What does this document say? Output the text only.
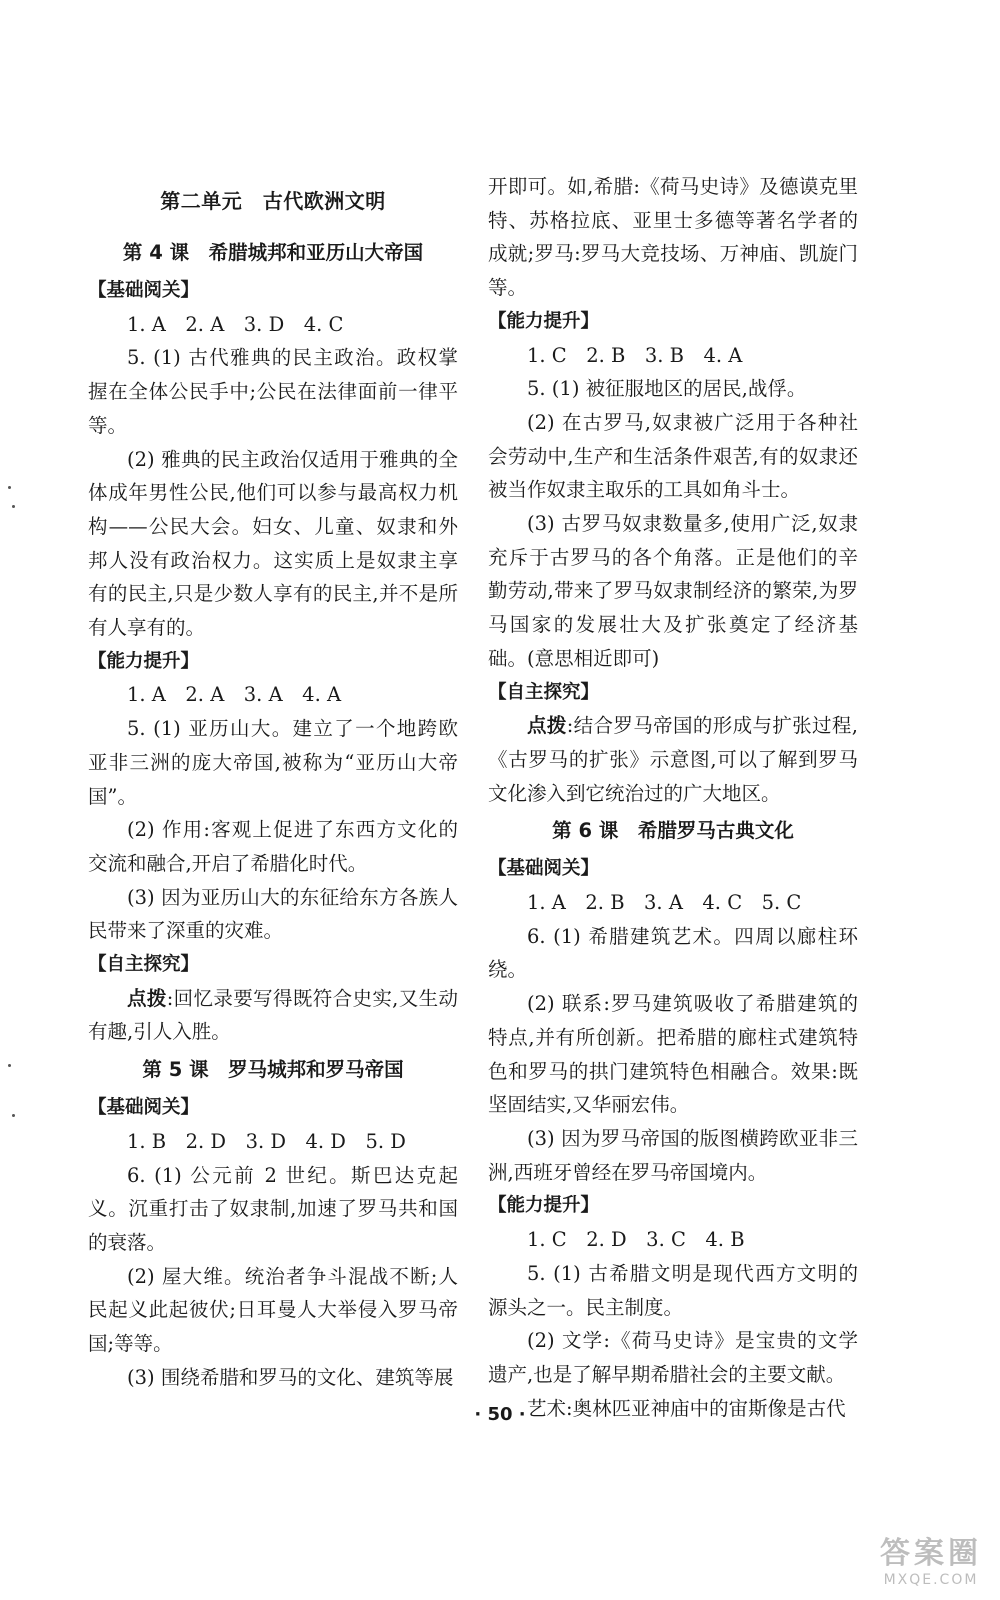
第二单元　古代欧洲文明
第 4 课　希腊城邦和亚历山大帝国

【基础阅关】

1. A　2. A　3. D　4. C

5. (1) 古代雅典的民主政治。政权掌握在全体公民手中;公民在法律面前一律平等。

(2) 雅典的民主政治仅适用于雅典的全体成年男性公民,他们可以参与最高权力机构——公民大会。妇女、儿童、奴隶和外邦人没有政治权力。这实质上是奴隶主享有的民主,只是少数人享有的民主,并不是所有人享有的。

【能力提升】

1. A　2. A　3. A　4. A

5. (1) 亚历山大。建立了一个地跨欧亚非三洲的庞大帝国,被称为“亚历山大帝国”。

(2) 作用:客观上促进了东西方文化的交流和融合,开启了希腊化时代。

(3) 因为亚历山大的东征给东方各族人民带来了深重的灾难。

【自主探究】

点拨:回忆录要写得既符合史实,又生动有趣,引人入胜。

第 5 课　罗马城邦和罗马帝国

【基础阅关】

1. B　2. D　3. D　4. D　5. D

6. (1) 公元前 2 世纪。斯巴达克起义。沉重打击了奴隶制,加速了罗马共和国的衰落。

(2) 屋大维。统治者争斗混战不断;人民起义此起彼伏;日耳曼人大举侵入罗马帝国;等等。

(3) 围绕希腊和罗马的文化、建筑等展

开即可。如,希腊:《荷马史诗》及德谟克里特、苏格拉底、亚里士多德等著名学者的成就;罗马:罗马大竞技场、万神庙、凯旋门等。

【能力提升】

1. C　2. B　3. B　4. A

5. (1) 被征服地区的居民,战俘。

(2) 在古罗马,奴隶被广泛用于各种社会劳动中,生产和生活条件艰苦,有的奴隶还被当作奴隶主取乐的工具如角斗士。

(3) 古罗马奴隶数量多,使用广泛,奴隶充斥于古罗马的各个角落。正是他们的辛勤劳动,带来了罗马奴隶制经济的繁荣,为罗马国家的发展壮大及扩张奠定了经济基础。(意思相近即可)

【自主探究】

点拨:结合罗马帝国的形成与扩张过程,《古罗马的扩张》示意图,可以了解到罗马文化渗入到它统治过的广大地区。

第 6 课　希腊罗马古典文化

【基础阅关】

1. A　2. B　3. A　4. C　5. C

6. (1) 希腊建筑艺术。四周以廊柱环绕。

(2) 联系:罗马建筑吸收了希腊建筑的特点,并有所创新。把希腊的廊柱式建筑特色和罗马的拱门建筑特色相融合。效果:既坚固结实,又华丽宏伟。

(3) 因为罗马帝国的版图横跨欧亚非三洲,西班牙曾经在罗马帝国境内。

【能力提升】

1. C　2. D　3. C　4. B

5. (1) 古希腊文明是现代西方文明的源头之一。民主制度。

(2) 文学:《荷马史诗》是宝贵的文学遗产,也是了解早期希腊社会的主要文献。

艺术:奥林匹亚神庙中的宙斯像是古代

· 50 ·
答案圈
MXQE.COM
